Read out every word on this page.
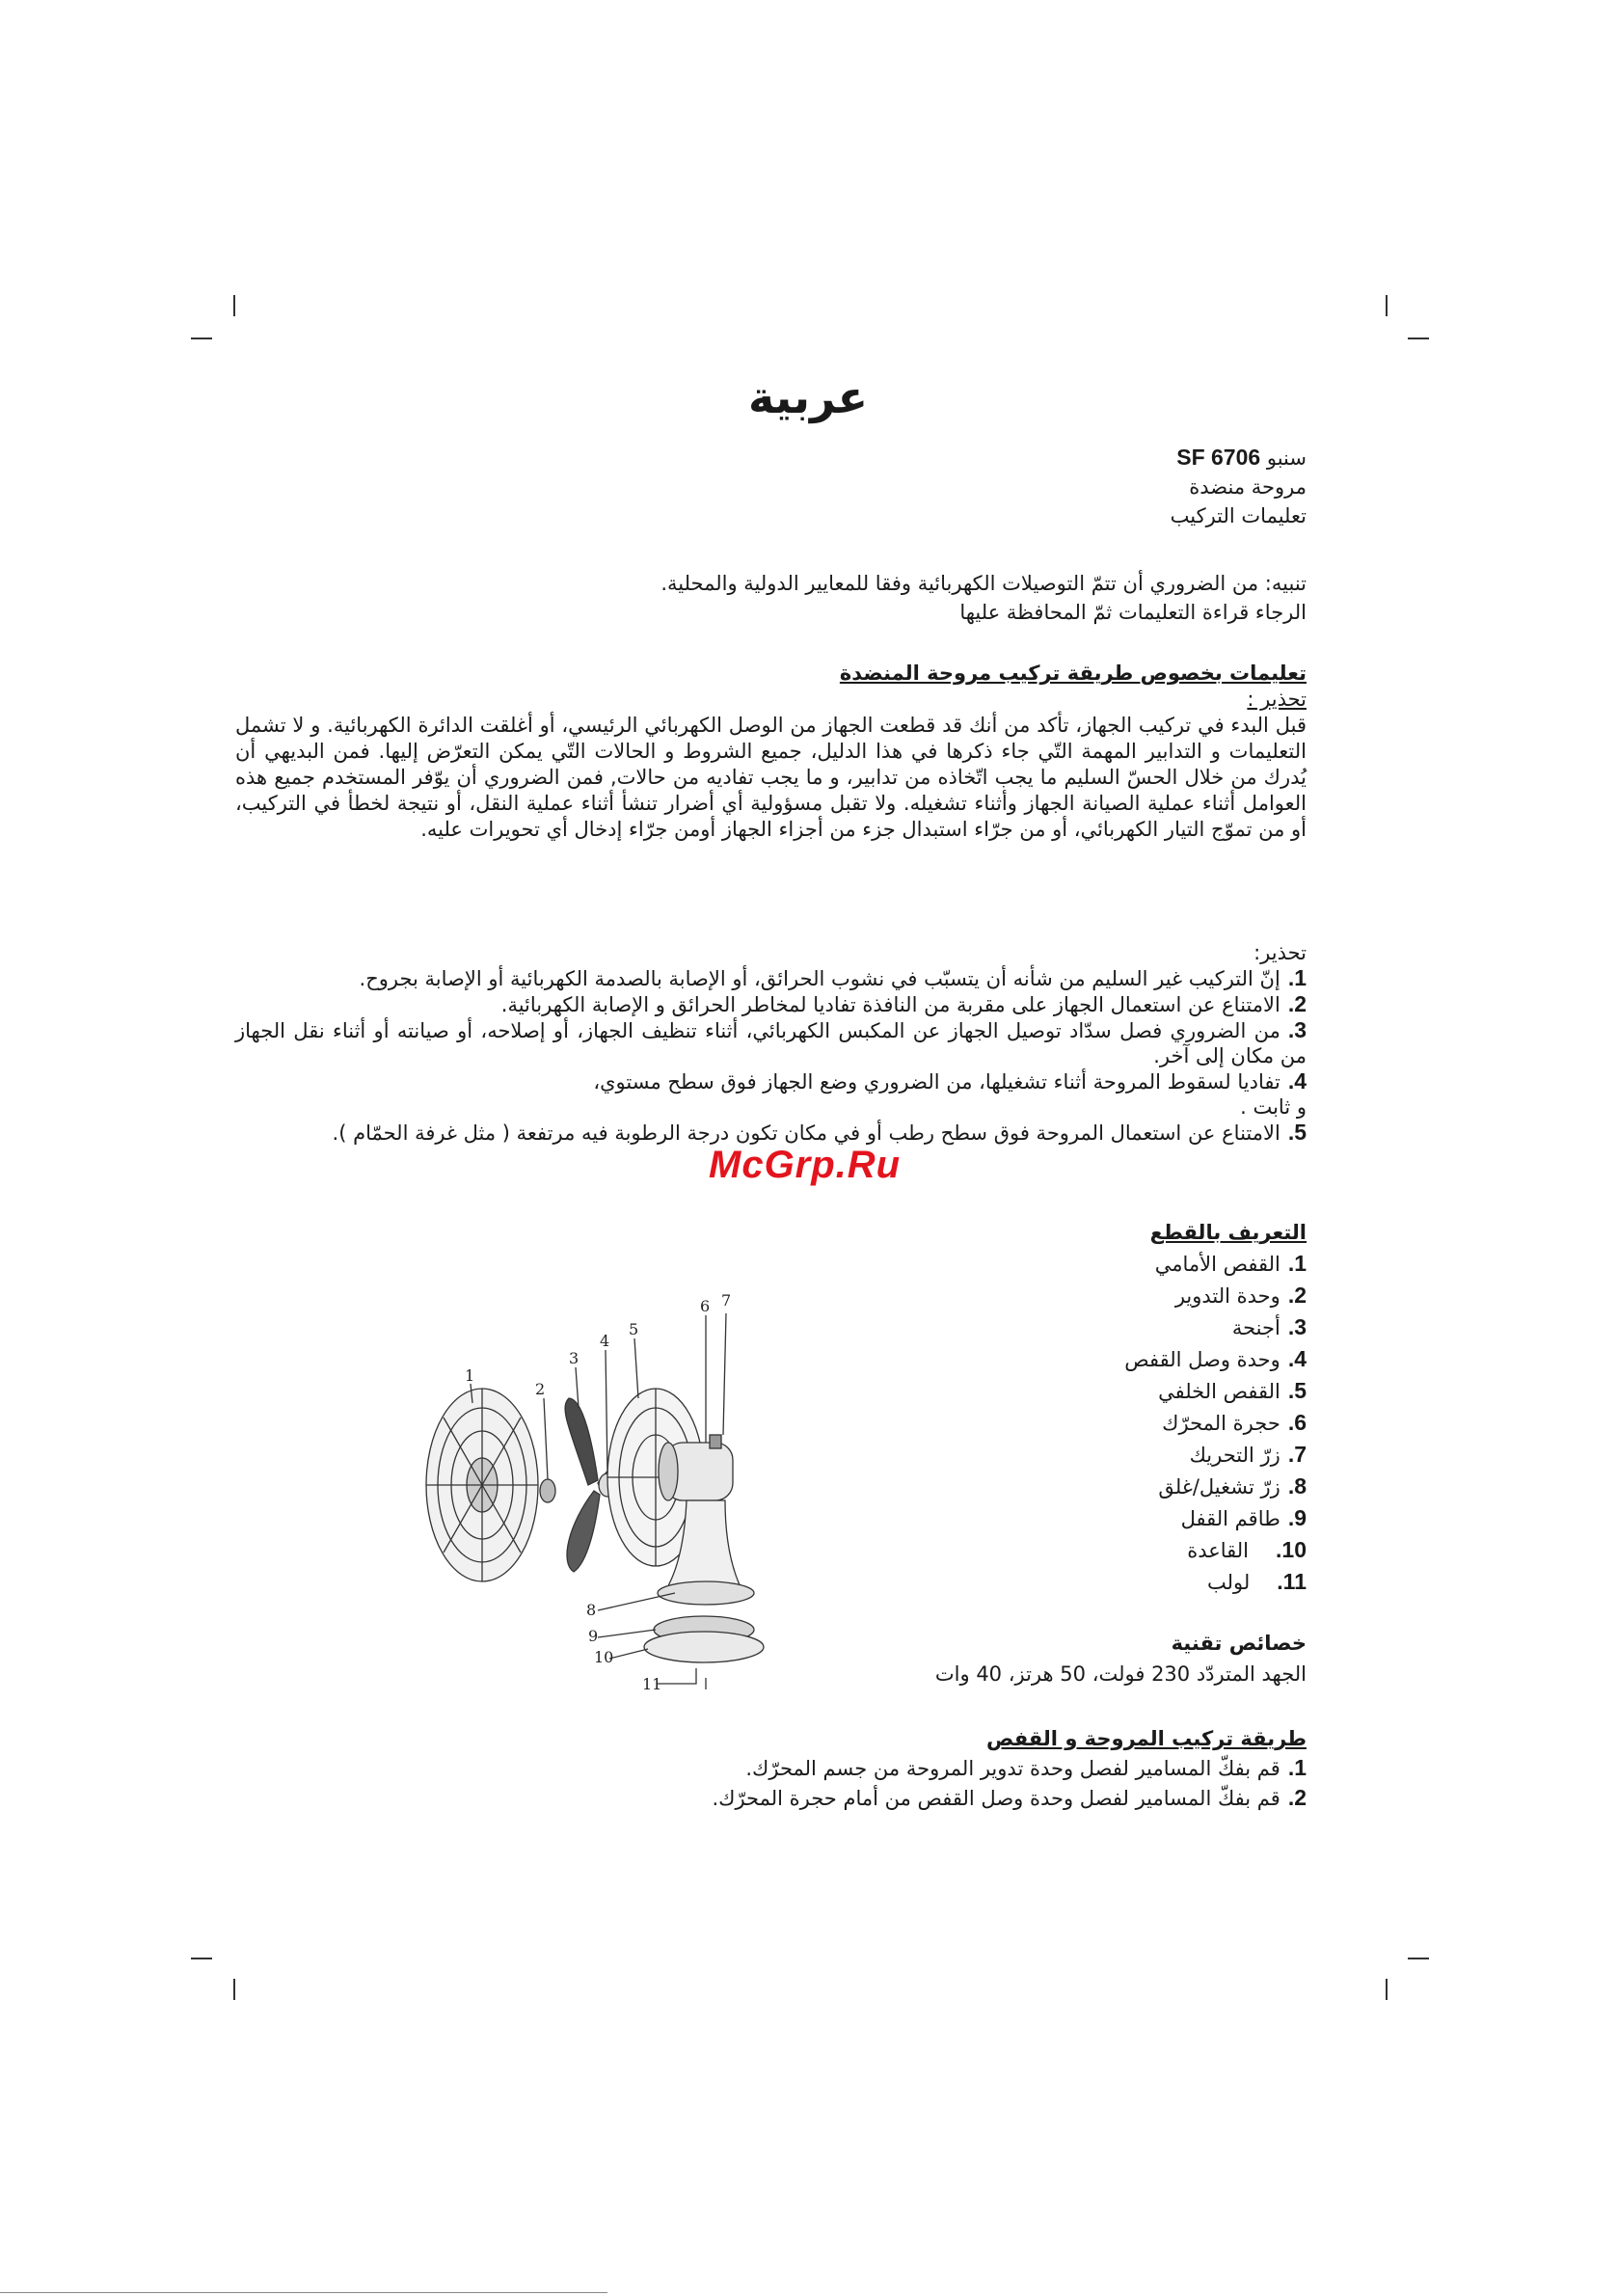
عربية
سنبو SF 6706
مروحة منضدة
تعليمات التركيب
تنبيه: من الضروري أن تتمّ التوصيلات الكهربائية وفقا للمعايير الدولية والمحلية.
الرجاء قراءة التعليمات ثمّ المحافظة عليها
تعليمات بخصوص طريقة تركيب مروحة المنضدة
تحذير :

قبل البدء في تركيب الجهاز، تأكد من أنك قد قطعت الجهاز من الوصل الكهربائي الرئيسي، أو أغلقت الدائرة الكهربائية. و لا تشمل التعليمات و التدابير المهمة التّي جاء ذكرها في هذا الدليل، جميع الشروط و الحالات التّي يمكن التعرّض إليها. فمن البديهي أن يُدرك من خلال الحسّ السليم ما يجب اتّخاذه من تدابير، و ما يجب تفاديه من حالات, فمن الضروري أن يوّفر المستخدم جميع هذه العوامل أثناء عملية الصيانة الجهاز وأثناء تشغيله. ولا تقبل مسؤولية أي أضرار تنشأ أثناء عملية النقل، أو نتيجة لخطأ في التركيب، أو من تموّج التيار الكهربائي، أو من جرّاء استبدال جزء من أجزاء الجهاز أومن جرّاء إدخال أي تحويرات عليه.

تحذير:
1.إنّ التركيب غير السليم من شأنه أن يتسبّب في نشوب الحرائق، أو الإصابة بالصدمة الكهربائية أو الإصابة بجروح.
2.الامتناع عن استعمال الجهاز على مقربة من النافذة تفاديا لمخاطر الحرائق و الإصابة الكهربائية.
3.من الضروري فصل سدّاد توصيل الجهاز عن المكبس الكهربائي، أثناء تنظيف الجهاز، أو إصلاحه، أو صيانته أو أثناء نقل الجهاز من مكان إلى آخر.
4.تفاديا لسقوط المروحة أثناء تشغيلها، من الضروري وضع الجهاز فوق سطح مستوي،
و ثابت .
5.الامتناع عن استعمال المروحة فوق سطح رطب أو في مكان تكون درجة الرطوبة فيه مرتفعة ( مثل غرفة الحمّام ).
McGrp.Ru
التعريف بالقطع
1.القفص الأمامي
2.وحدة التدوير
3.أجنحة
4.وحدة وصل القفص
5.القفص الخلفي
6.حجرة المحرّك
7.زرّ التحريك
8.زرّ تشغيل/غلق
9.طاقم القفل
10.القاعدة
11.لولب
1
2
3
4
5
6 7
8
9
10
11
خصائص تقنية
الجهد المتردّد 230 فولت، 50 هرتز، 40 وات
طريقة تركيب المروحة و القفص
1.قم بفكّ المسامير لفصل وحدة تدوير المروحة من جسم المحرّك.
2.قم بفكّ المسامير لفصل وحدة وصل القفص من أمام حجرة المحرّك.
